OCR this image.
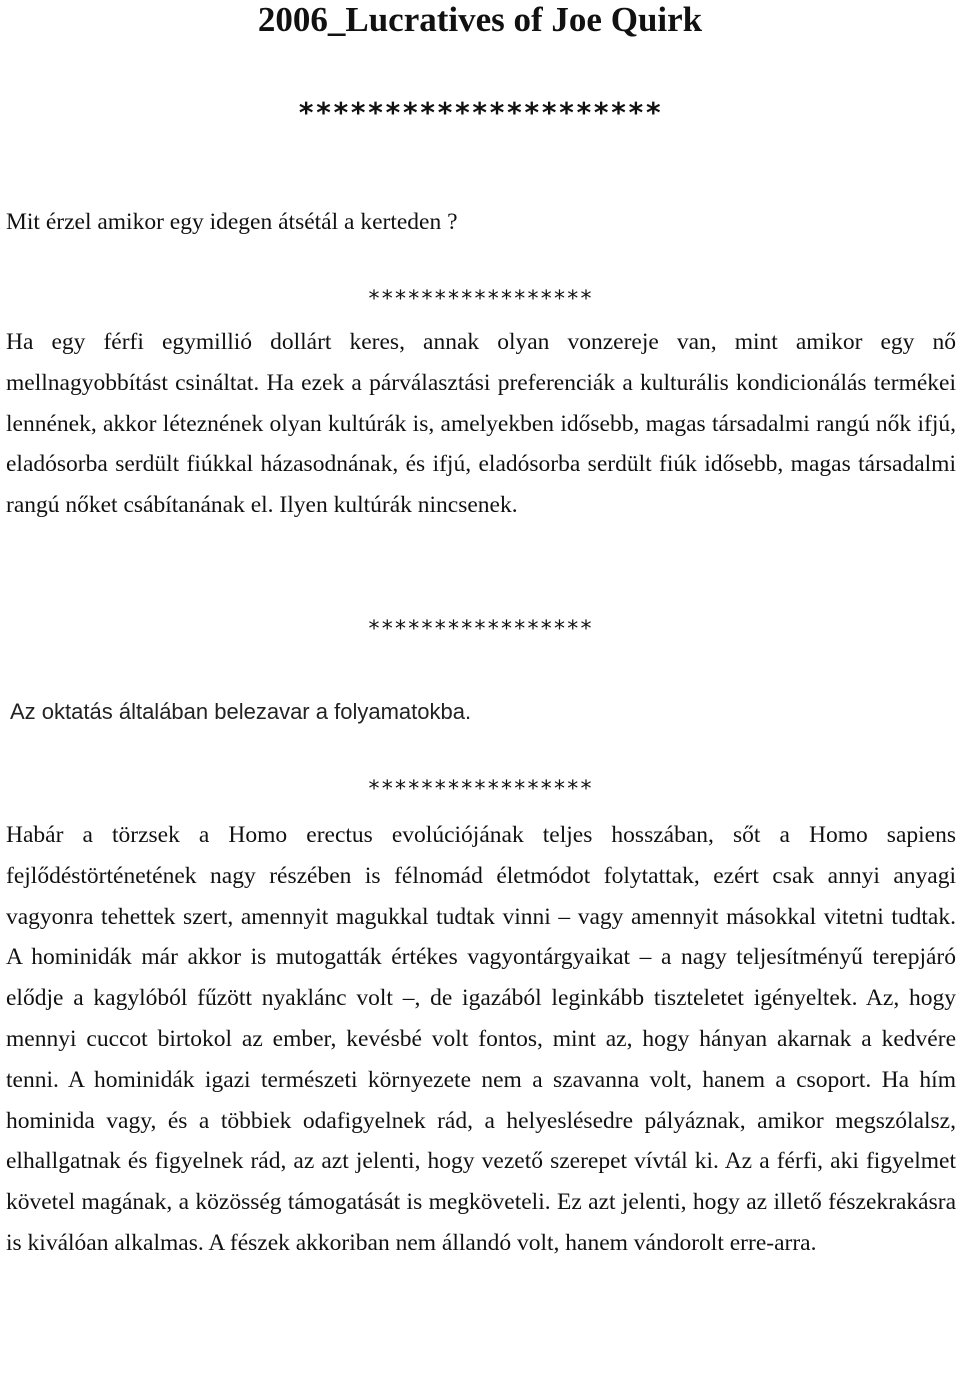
2006_Lucratives of Joe Quirk
*********************
Mit érzel amikor egy idegen átsétál a kerteden ?
*****************
Ha egy férfi egymillió dollárt keres, annak olyan vonzereje van, mint amikor egy nő mellnagyobbítást csináltat. Ha ezek a párválasztási preferenciák a kulturális kondicionálás termékei lennének, akkor léteznének olyan kultúrák is, amelyekben idősebb, magas társadalmi rangú nők ifjú, eladósorba serdült fiúkkal házasodnának, és ifjú, eladósorba serdült fiúk idősebb, magas társadalmi rangú nőket csábítanának el. Ilyen kultúrák nincsenek.
*****************
Az oktatás általában belezavar a folyamatokba.
*****************
Habár a törzsek a Homo erectus evolúciójának teljes hosszában, sőt a Homo sapiens fejlődéstörténetének nagy részében is félnomád életmódot folytattak, ezért csak annyi anyagi vagyonra tehettek szert, amennyit magukkal tudtak vinni – vagy amennyit másokkal vitetni tudtak. A hominidák már akkor is mutogatták értékes vagyontárgyaikat – a nagy teljesítményű terepjáró elődje a kagylóból fűzött nyaklánc volt –, de igazából leginkább tiszteletet igényeltek. Az, hogy mennyi cuccot birtokol az ember, kevésbé volt fontos, mint az, hogy hányan akarnak a kedvére tenni. A hominidák igazi természeti környezete nem a szavanna volt, hanem a csoport. Ha hím hominida vagy, és a többiek odafigyelnek rád, a helyeslésedre pályáznak, amikor megszólalsz, elhallgatnak és figyelnek rád, az azt jelenti, hogy vezető szerepet vívtál ki. Az a férfi, aki figyelmet követel magának, a közösség támogatását is megköveteli. Ez azt jelenti, hogy az illető fészekrakásra is kiválóan alkalmas. A fészek akkoriban nem állandó volt, hanem vándorolt erre-arra.
